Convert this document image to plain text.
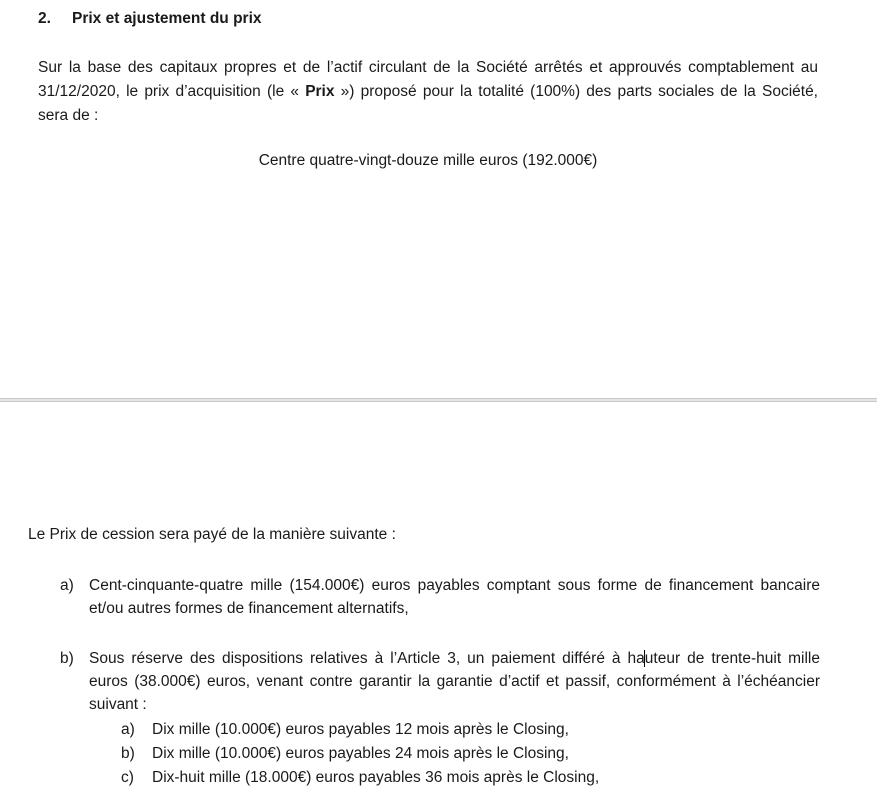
2. Prix et ajustement du prix
Sur la base des capitaux propres et de l’actif circulant de la Société arrêtés et approuvés comptablement au 31/12/2020, le prix d’acquisition (le « Prix ») proposé pour la totalité (100%) des parts sociales de la Société, sera de :
Centre quatre-vingt-douze mille euros (192.000€)
Le Prix de cession sera payé de la manière suivante :
a) Cent-cinquante-quatre mille (154.000€) euros payables comptant sous forme de financement bancaire et/ou autres formes de financement alternatifs,
b) Sous réserve des dispositions relatives à l’Article 3, un paiement différé à hauteur de trente-huit mille euros (38.000€) euros, venant contre garantir la garantie d’actif et passif, conformément à l’échéancier suivant :
a) Dix mille (10.000€) euros payables 12 mois après le Closing,
b) Dix mille (10.000€) euros payables 24 mois après le Closing,
c) Dix-huit mille (18.000€) euros payables 36 mois après le Closing,
